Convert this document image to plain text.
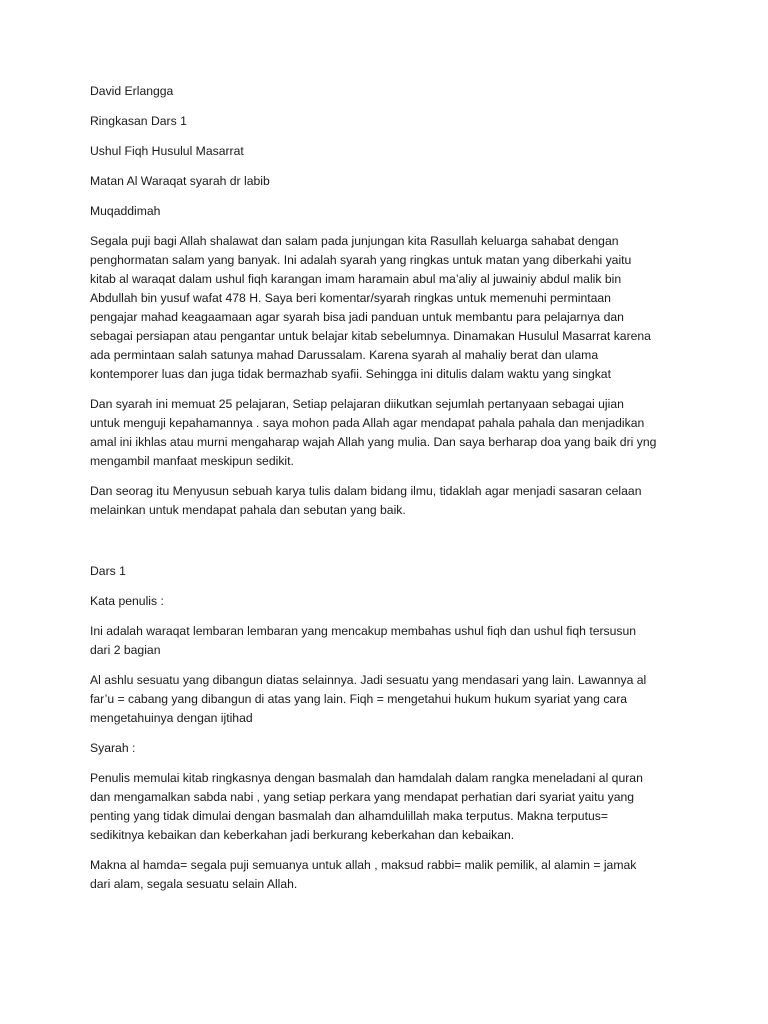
David Erlangga
Ringkasan Dars 1
Ushul Fiqh Husulul Masarrat
Matan Al Waraqat syarah dr labib
Muqaddimah
Segala puji bagi Allah shalawat dan salam pada junjungan kita Rasullah keluarga sahabat dengan
penghormatan salam yang banyak. Ini adalah syarah yang ringkas untuk matan yang diberkahi yaitu
kitab al waraqat dalam ushul fiqh karangan imam haramain abul ma’aliy al juwainiy abdul malik bin
Abdullah bin yusuf wafat 478 H. Saya beri komentar/syarah ringkas untuk memenuhi permintaan
pengajar mahad keagaamaan agar syarah bisa jadi panduan untuk membantu para pelajarnya dan
sebagai persiapan atau pengantar untuk belajar kitab sebelumnya. Dinamakan Husulul Masarrat karena
ada permintaan salah satunya mahad Darussalam. Karena syarah al mahaliy berat dan ulama
kontemporer luas dan juga tidak bermazhab syafii. Sehingga ini ditulis dalam waktu yang singkat
Dan syarah ini memuat 25 pelajaran, Setiap pelajaran diikutkan sejumlah pertanyaan sebagai ujian
untuk menguji kepahamannya . saya mohon pada Allah agar mendapat pahala pahala dan menjadikan
amal ini ikhlas atau murni mengaharap wajah Allah yang mulia. Dan saya berharap doa yang baik dri yng
mengambil manfaat meskipun sedikit.
Dan seorag itu Menyusun sebuah karya tulis dalam bidang ilmu, tidaklah agar menjadi sasaran celaan
melainkan untuk mendapat pahala dan sebutan yang baik.
Dars 1
Kata penulis :
Ini adalah waraqat lembaran lembaran yang mencakup membahas ushul fiqh dan ushul fiqh tersusun
dari 2 bagian
Al ashlu sesuatu yang dibangun diatas selainnya. Jadi sesuatu yang mendasari yang lain. Lawannya al
far’u = cabang yang dibangun di atas yang lain. Fiqh = mengetahui hukum hukum syariat yang cara
mengetahuinya dengan ijtihad
Syarah :
Penulis memulai kitab ringkasnya dengan basmalah dan hamdalah dalam rangka meneladani al quran
dan mengamalkan sabda nabi , yang setiap perkara yang mendapat perhatian dari syariat yaitu yang
penting yang tidak dimulai dengan basmalah dan alhamdulillah maka terputus. Makna terputus=
sedikitnya kebaikan dan keberkahan jadi berkurang keberkahan dan kebaikan.
Makna al hamda= segala puji semuanya untuk allah , maksud rabbi= malik pemilik, al alamin = jamak
dari alam, segala sesuatu selain Allah.
